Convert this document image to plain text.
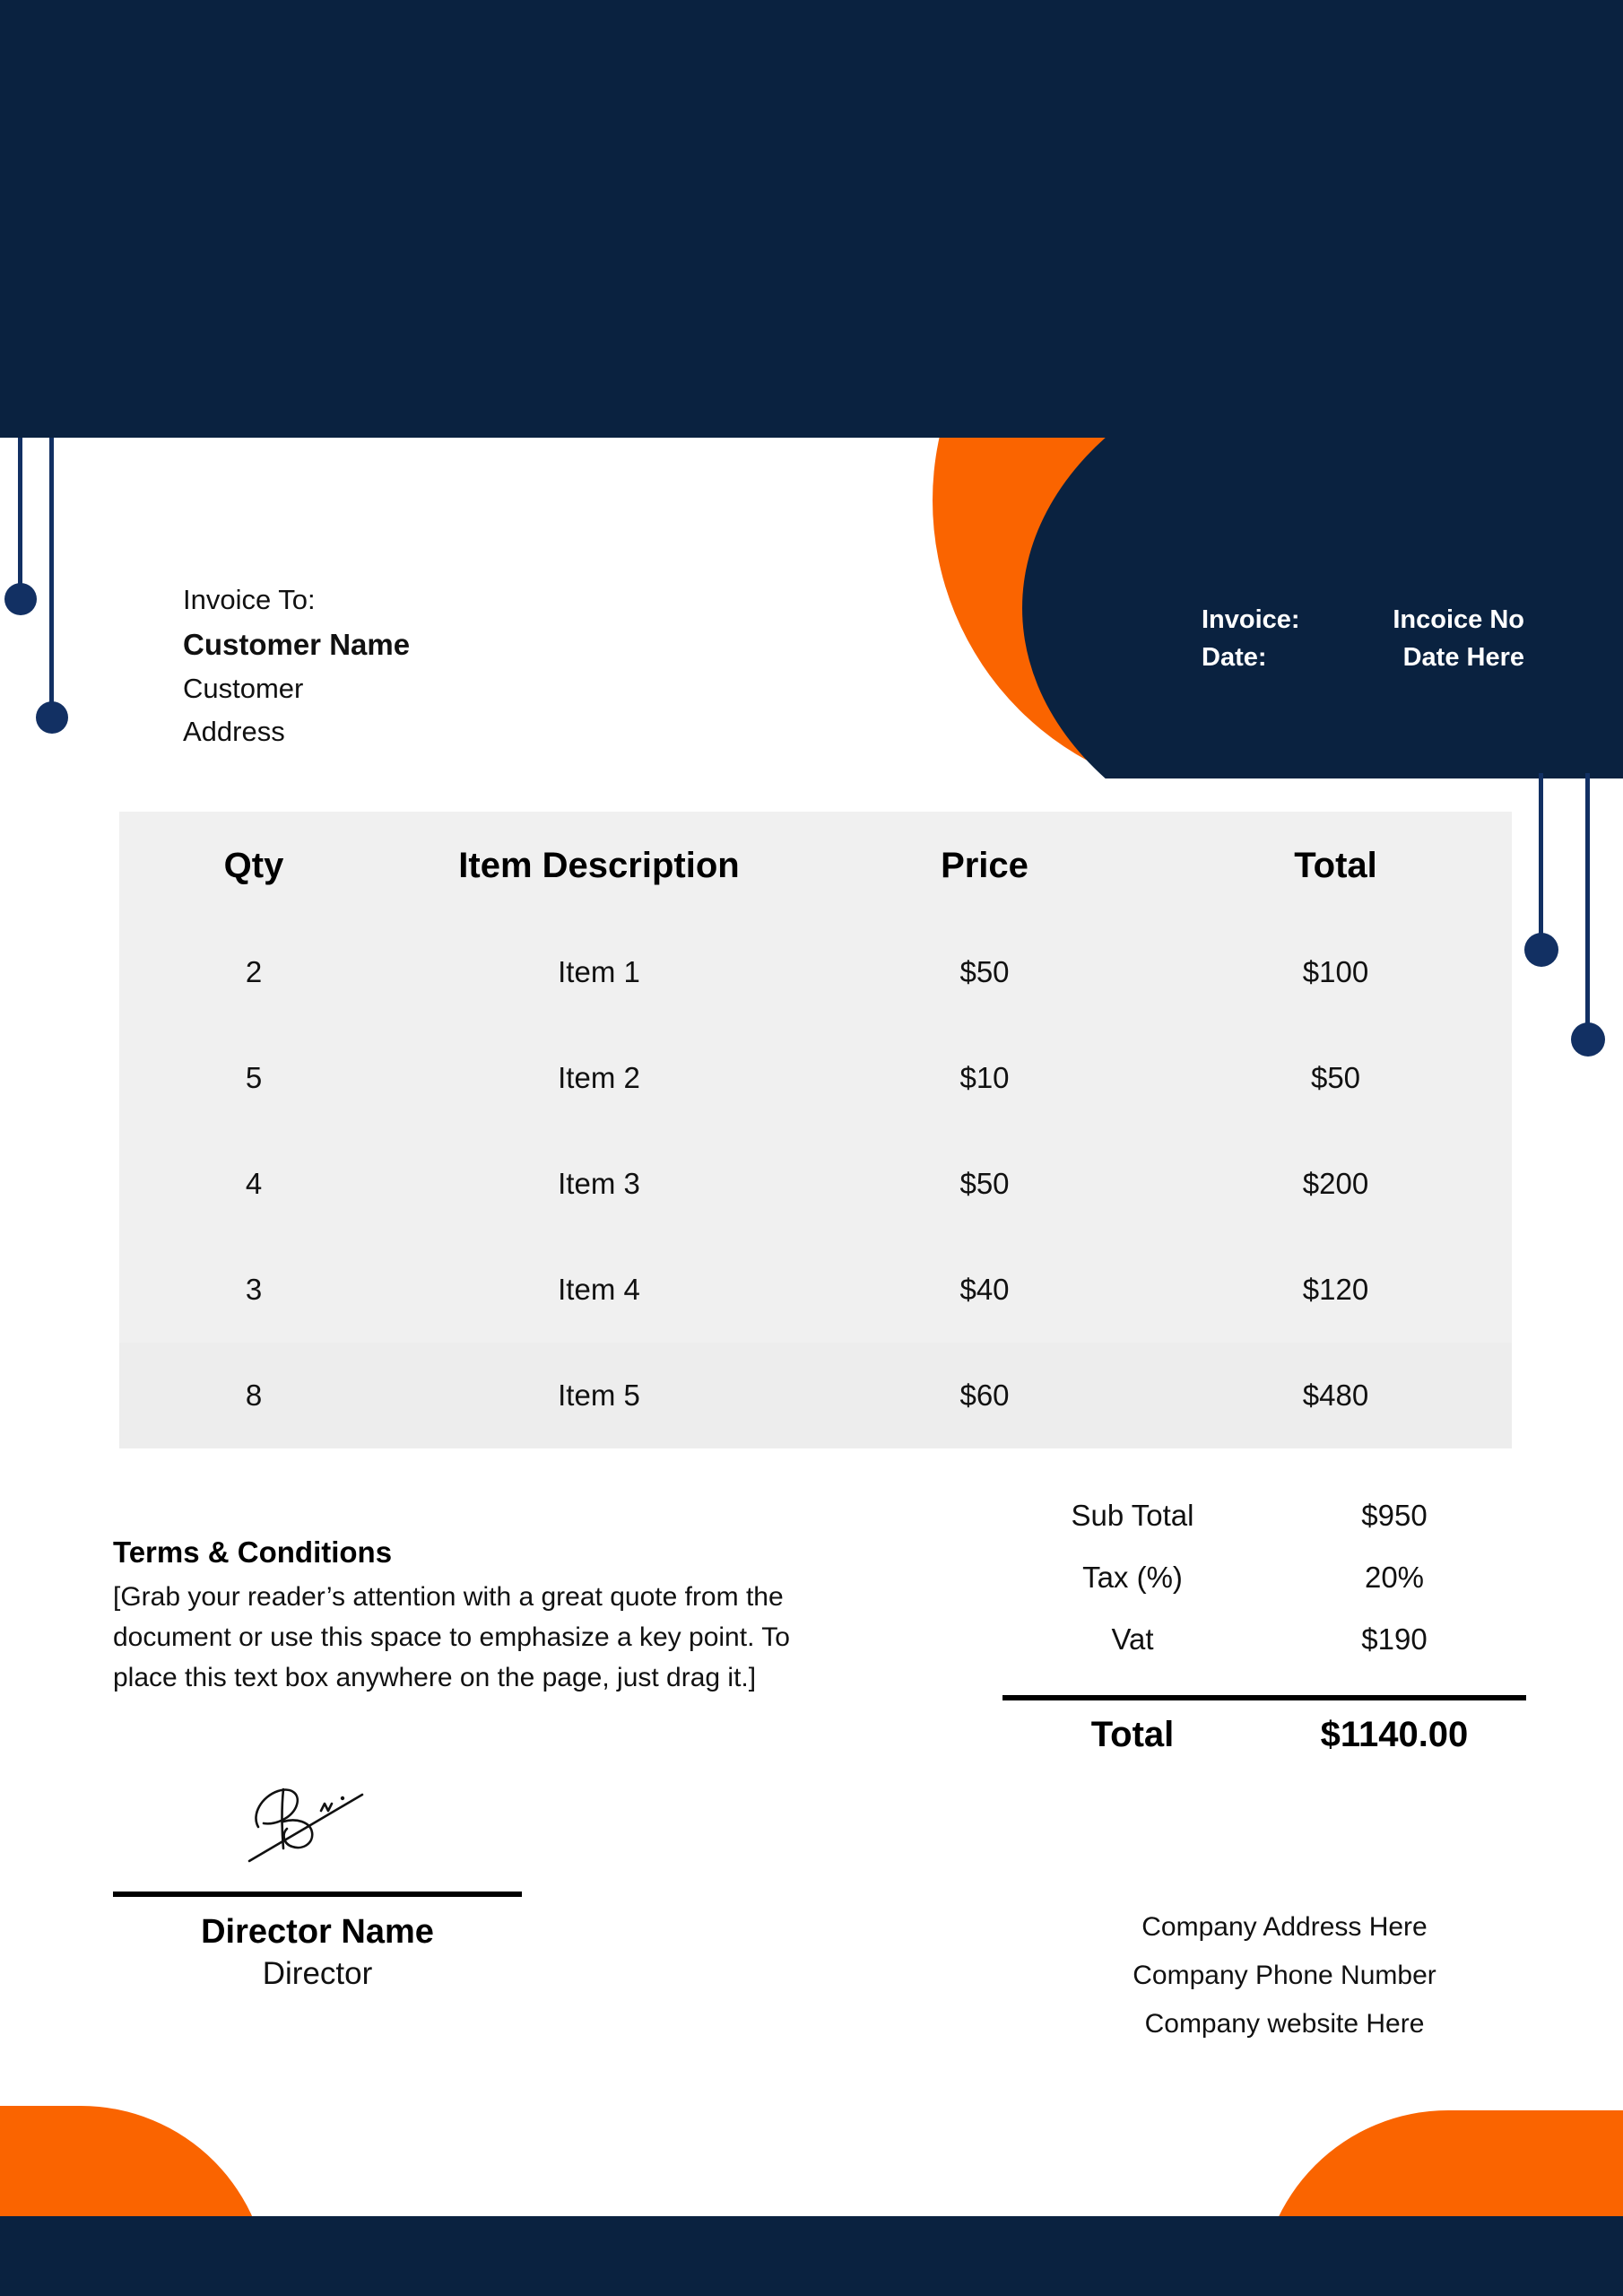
Invoice:	Incoice No
Date:	Date Here
Invoice To:
Customer Name
Customer
Address
Qty	Item Description	Price	Total
2	Item 1	$50	$100
5	Item 2	$10	$50
4	Item 3	$50	$200
3	Item 4	$40	$120
8	Item 5	$60	$480
Sub Total	$950
Tax (%)	20%
Vat	$190
Total	$1140.00
Terms & Conditions
[Grab your reader’s attention with a great quote from the document or use this space to emphasize a key point. To place this text box anywhere on the page, just drag it.]
Director Name
Director
Company Address Here
Company Phone Number
Company website Here
